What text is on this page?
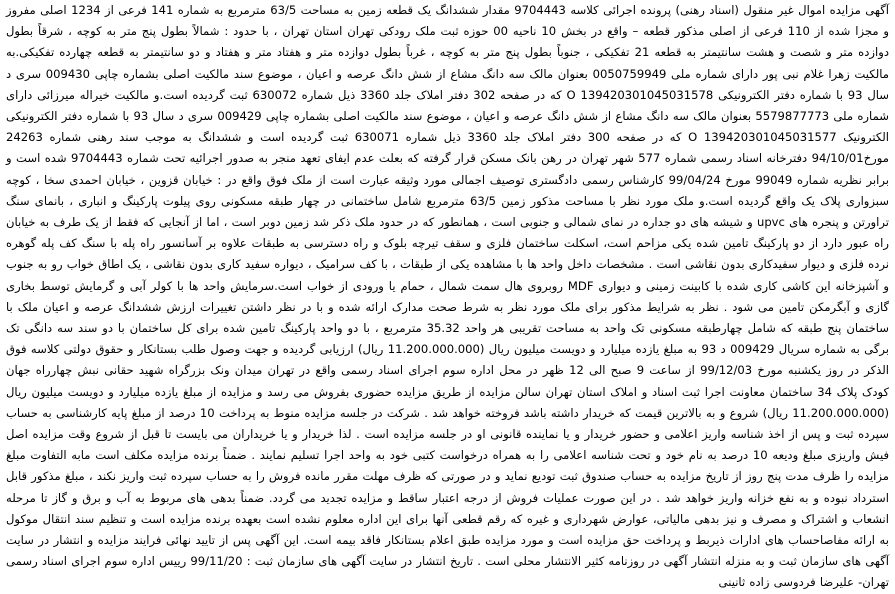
آگهی مزایده اموال غیر منقول (اسناد رهنی) پرونده اجرائی کلاسه 9704443 مقدار ششدانگ یک قطعه زمین به مساحت 63/5 مترمربع به شماره 141 فرعی از 1234 اصلی مفروز و مجزا شده از 110 فرعی از اصلی مذکور قطعه – واقع در بخش 10 ناحیه 00 حوزه ثبت ملک رودکی تهران استان تهران ، با حدود : شمالاً بطول پنج متر به کوچه ، شرقاً بطول دوازده متر و شصت و هشت سانتیمتر به قطعه 21 تفکیکی ، جنوباً بطول پنج متر به کوچه ، غرباً بطول دوازده متر و هفتاد متر و هفتاد و دو سانتیمتر به قطعه چهارده تفکیکی.به مالکیت زهرا غلام نبی پور دارای شماره ملی 0050759949 بعنوان مالک سه دانگ مشاع از شش دانگ عرصه و اعیان ، موضوع سند مالکیت اصلی بشماره چاپی 009430 سری د سال 93 با شماره دفتر الکترونیکی 139420301045031578 O که در صفحه 302 دفتر املاک جلد 3360 ذیل شماره 630072 ثبت گردیده است.و مالکیت خیراله میرزائی دارای شماره ملی 5579877773 بعنوان مالک سه دانگ مشاع از شش دانگ عرصه و اعیان ، موضوع سند مالکیت اصلی بشماره چاپی 009429 سری د سال 93 با شماره دفتر الکترونیکی الکترونیک 139420301045031577 O که در صفحه 300 دفتر املاک جلد 3360 ذیل شماره 630071 ثبت گردیده است و ششدانگ به موجب سند رهنی شماره 24263 مورخ94/10/01 دفترخانه اسناد رسمی شماره 577 شهر تهران در رهن بانک مسکن قرار گرفته که بعلت عدم ایفای تعهد منجر به صدور اجرائیه تحت شماره 9704443 شده است و برابر نظریه شماره 99049 مورخ 99/04/24 کارشناس رسمی دادگستری توصیف اجمالی مورد وثیقه عبارت است از ملک فوق واقع در : خیابان قزوین ، خیابان احمدی سخا ، کوچه سبزواری پلاک یک واقع گردیده است.و ملک مورد نظر با مساحت مذکور زمین 63/5 مترمربع شامل ساختمانی در چهار طبقه مسکونی روی پیلوت پارکینگ و انباری ، بانمای سنگ تراورتن و پنجره های upvc و شیشه های دو جداره در نمای شمالی و جنوبی است ، همانطور که در حدود ملک ذکر شد زمین دوبر است ، اما از آنجایی که فقط از یک طرف به خیابان راه عبور دارد از دو پارکینگ تامین شده یکی مزاحم است، اسکلت ساختمان فلزی و سقف تیرچه بلوک و راه دسترسی به طبقات علاوه بر آسانسور راه پله با سنگ کف پله گوهره نرده فلزی و دیوار سفیدکاری بدون نقاشی است . مشخصات داخل واحد ها با مشاهده یکی از طبقات ، با کف سرامیک ، دیواره سفید کاری بدون نقاشی ، یک اطاق خواب رو به جنوب و آشپزخانه این کاشی کاری شده با کابینت زمینی و دیواری MDF روبروی هال سمت شمال ، حمام یا ورودی از خواب است.سرمایش واحد ها با کولر آبی و گرمایش توسط بخاری گازی و آبگرمکن تامین می شود . نظر به شرایط مذکور برای ملک مورد نظر به شرط صحت مدارک ارائه شده و با در نظر داشتن تغییرات ارزش ششدانگ عرصه و اعیان ملک با ساختمان پنج طبقه که شامل چهارطبقه مسکونی تک واحد به مساحت تقریبی هر واحد 35.32 مترمربع ، با دو واحد پارکینگ تامین شده برای کل ساختمان با دو سند سه دانگی تک برگی به شماره سریال 009429 د 93 به مبلغ یازده میلیارد و دویست میلیون ریال (11.200.000.000 ریال) ارزیابی گردیده و جهت وصول طلب بستانکار و حقوق دولتی کلاسه فوق الذکر در روز یکشنبه مورخ 99/12/03 از ساعت 9 صبح الی 12 ظهر در محل اداره سوم اجرای اسناد رسمی واقع در تهران میدان ونک بزرگراه شهید حقانی نبش چهارراه جهان کودک پلاک 34 ساختمان معاونت اجرا ثبت اسناد و املاک استان تهران سالن مزایده از طریق مزایده حضوری بفروش می رسد و مزایده از مبلغ یازده میلیارد و دویست میلیون ریال (11.200.000.000 ریال) شروع و به بالاترین قیمت که خریدار داشته باشد فروخته خواهد شد . شرکت در جلسه مزایده منوط به پرداخت 10 درصد از مبلغ پایه کارشناسی به حساب سپرده ثبت و پس از اخذ شناسه واریز اعلامی و حضور خریدار و یا نماینده قانونی او در جلسه مزایده است . لذا خریدار و یا خریداران می بایست تا قبل از شروع وقت مزایده اصل فیش واریزی مبلغ ودیعه 10 درصد به نام خود و تحت شناسه اعلامی را به همراه درخواست کتبی خود به واحد اجرا تسلیم نمایند . ضمناً برنده مزایده مکلف است مابه التفاوت مبلغ مزایده را ظرف مدت پنج روز از تاریخ مزایده به حساب صندوق ثبت تودیع نماید و در صورتی که ظرف مهلت مقرر مانده فروش را به حساب سپرده ثبت واریز نکند ، مبلغ مذکور قابل استرداد نبوده و به نفع خزانه واریز خواهد شد . در این صورت عملیات فروش از درجه اعتبار ساقط و مزایده تجدید می گردد. ضمناً بدهی های مربوط به آب و برق و گاز تا مرحله انشعاب و اشتراک و مصرف و نیز بدهی مالیاتی، عوارض شهرداری و غیره که رقم قطعی آنها برای این اداره معلوم نشده است بعهده برنده مزایده است و تنظیم سند انتقال موکول به ارائه مفاصاحساب های ادارات ذیربط و پرداخت حق مزایده است و مورد مزایده طبق اعلام بستانکار فاقد بیمه است. این آگهی پس از تایید نهائی فرایند مزایده و انتشار در سایت آگهی های سازمان ثبت و به منزله انتشار آگهی در روزنامه کثیر الانتشار محلی است . تاریخ انتشار در سایت آگهی های سازمان ثبت : 99/11/20 رییس اداره سوم اجرای اسناد رسمی تهران- علیرضا فردوسی زاده ثانینی
